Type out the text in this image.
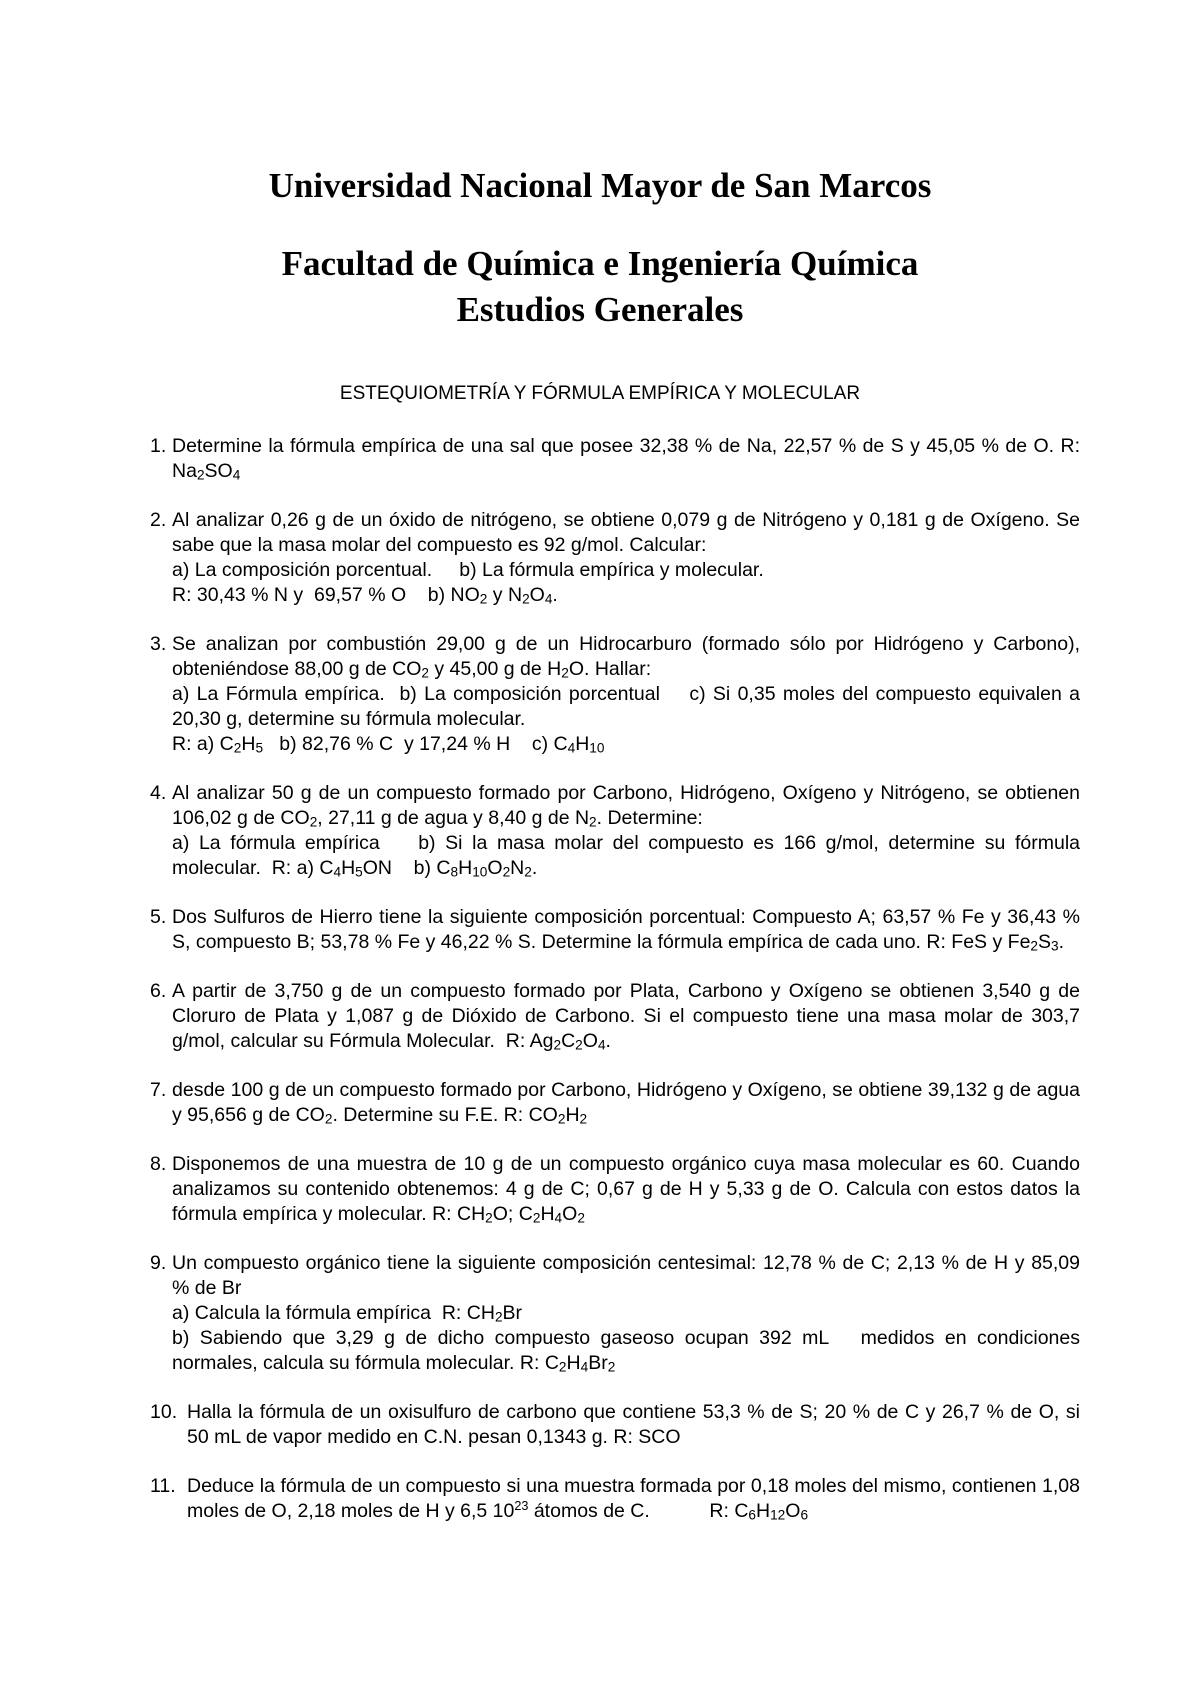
Universidad Nacional Mayor de San Marcos
Facultad de Química e Ingeniería Química
Estudios Generales
ESTEQUIOMETRÍA Y FÓRMULA EMPÍRICA Y MOLECULAR
1. Determine la fórmula empírica de una sal que posee 32,38 % de Na, 22,57 % de S y 45,05 % de O. R: $Na_2SO_4$
2. Al analizar 0,26 g de un óxido de nitrógeno, se obtiene 0,079 g de Nitrógeno y 0,181 g de Oxígeno. Se sabe que la masa molar del compuesto es 92 g/mol. Calcular:
a) La composición porcentual.     b) La fórmula empírica y molecular.
R: 30,43 % N y  69,57 % O    b) $NO_2$ y $N_2O_4$.
3. Se analizan por combustión 29,00 g de un Hidrocarburo (formado sólo por Hidrógeno y Carbono), obteniéndose 88,00 g de $CO_2$ y 45,00 g de $H_2O$. Hallar:
a) La Fórmula empírica.  b) La composición porcentual    c) Si 0,35 moles del compuesto equivalen a 20,30 g, determine su fórmula molecular.
R: a) $C_2H_5$   b) 82,76 % C  y 17,24 % H    c) $C_4H_{10}$
4. Al analizar 50 g de un compuesto formado por Carbono, Hidrógeno, Oxígeno y Nitrógeno, se obtienen 106,02 g de $CO_2$, 27,11 g de agua y 8,40 g de $N_2$. Determine:
a) La fórmula empírica    b) Si la masa molar del compuesto es 166 g/mol, determine su fórmula molecular.  R: a) $C_4H_5ON$    b) $C_8H_{10}O_2N_2$.
5. Dos Sulfuros de Hierro tiene la siguiente composición porcentual: Compuesto A; 63,57 % Fe y 36,43 % S, compuesto B; 53,78 % Fe y 46,22 % S. Determine la fórmula empírica de cada uno. R: FeS y $Fe_2S_3$.
6. A partir de 3,750 g de un compuesto formado por Plata, Carbono y Oxígeno se obtienen 3,540 g de Cloruro de Plata y 1,087 g de Dióxido de Carbono. Si el compuesto tiene una masa molar de 303,7 g/mol, calcular su Fórmula Molecular.  R: $Ag_2C_2O_4$.
7. desde 100 g de un compuesto formado por Carbono, Hidrógeno y Oxígeno, se obtiene 39,132 g de agua y 95,656 g de $CO_2$. Determine su F.E. R: $CO_2H_2$
8. Disponemos de una muestra de 10 g de un compuesto orgánico cuya masa molecular es 60. Cuando analizamos su contenido obtenemos: 4 g de C; 0,67 g de H y 5,33 g de O. Calcula con estos datos la fórmula empírica y molecular. R: $CH_2O$; $C_2H_4O_2$
9. Un compuesto orgánico tiene la siguiente composición centesimal: 12,78 % de C; 2,13 % de H y 85,09 % de Br
a) Calcula la fórmula empírica  R: $CH_2Br$
b) Sabiendo que 3,29 g de dicho compuesto gaseoso ocupan 392 mL   medidos en condiciones normales, calcula su fórmula molecular. R: $C_2H_4Br_2$
10. Halla la fórmula de un oxisulfuro de carbono que contiene 53,3 % de S; 20 % de C y 26,7 % de O, si 50 mL de vapor medido en C.N. pesan 0,1343 g. R: SCO
11. Deduce la fórmula de un compuesto si una muestra formada por 0,18 moles del mismo, contienen 1,08 moles de O, 2,18 moles de H y 6,5 $10^{23}$ átomos de C.           R: $C_6H_{12}O_6$
